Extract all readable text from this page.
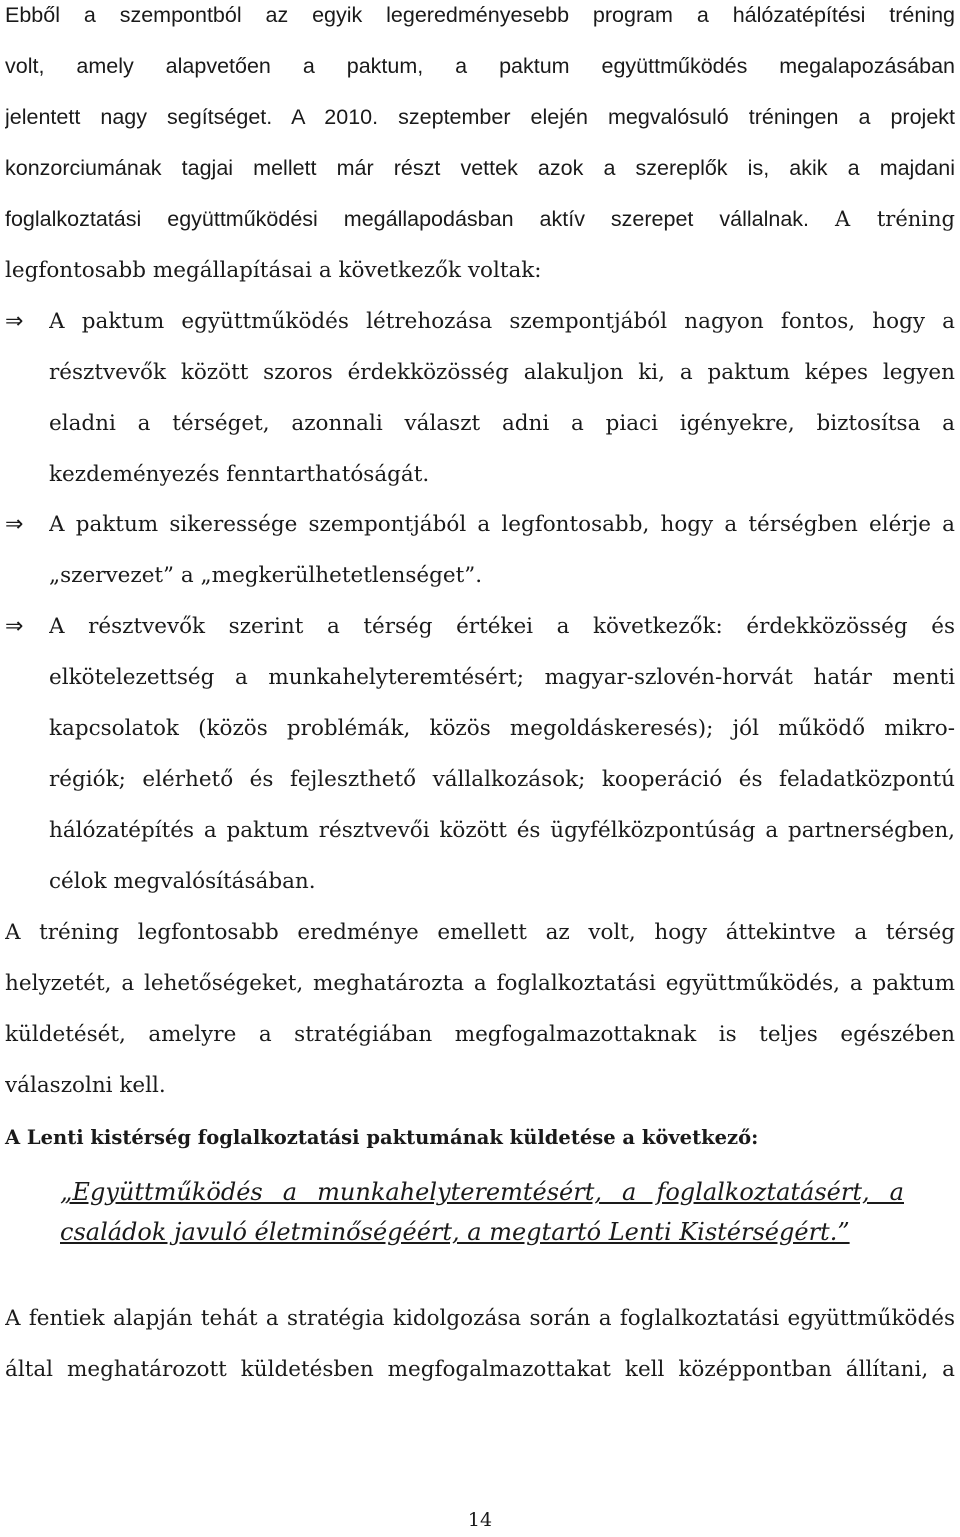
Ebből a szempontból az egyik legeredményesebb program a hálózatépítési tréning
volt, amely alapvetően a paktum, a paktum együttműködés megalapozásában
jelentett nagy segítséget. A 2010. szeptember elején megvalósuló tréningen a projekt
konzorciumának tagjai mellett már részt vettek azok a szereplők is, akik a majdani
foglalkoztatási együttműködési megállapodásban aktív szerepet vállalnak. A tréning
legfontosabb megállapításai a következők voltak:
⇒	A paktum együttműködés létrehozása szempontjából nagyon fontos, hogy a
résztvevők között szoros érdekközösség alakuljon ki, a paktum képes legyen
eladni a térséget, azonnali választ adni a piaci igényekre, biztosítsa a
kezdeményezés fenntarthatóságát.
⇒	A paktum sikeressége szempontjából a legfontosabb, hogy a térségben elérje a
„szervezet” a „megkerülhetetlenséget”.
⇒	A résztvevők szerint a térség értékei a következők: érdekközösség és
elkötelezettség a munkahelyteremtésért; magyar-szlovén-horvát határ menti
kapcsolatok (közös problémák, közös megoldáskeresés); jól működő mikro-
régiók; elérhető és fejleszthető vállalkozások; kooperáció és feladatközpontú
hálózatépítés a paktum résztvevői között és ügyfélközpontúság a partnerségben,
célok megvalósításában.
A tréning legfontosabb eredménye emellett az volt, hogy áttekintve a térség
helyzetét, a lehetőségeket, meghatározta a foglalkoztatási együttműködés, a paktum
küldetését, amelyre a stratégiában megfogalmazottaknak is teljes egészében
válaszolni kell.
A Lenti kistérség foglalkoztatási paktumának küldetése a következő:
„Együttműködés a munkahelyteremtésért, a foglalkoztatásért, a
családok javuló életminőségéért, a megtartó Lenti Kistérségért.”
A fentiek alapján tehát a stratégia kidolgozása során a foglalkoztatási együttműködés
által meghatározott küldetésben megfogalmazottakat kell középpontban állítani, a
14
